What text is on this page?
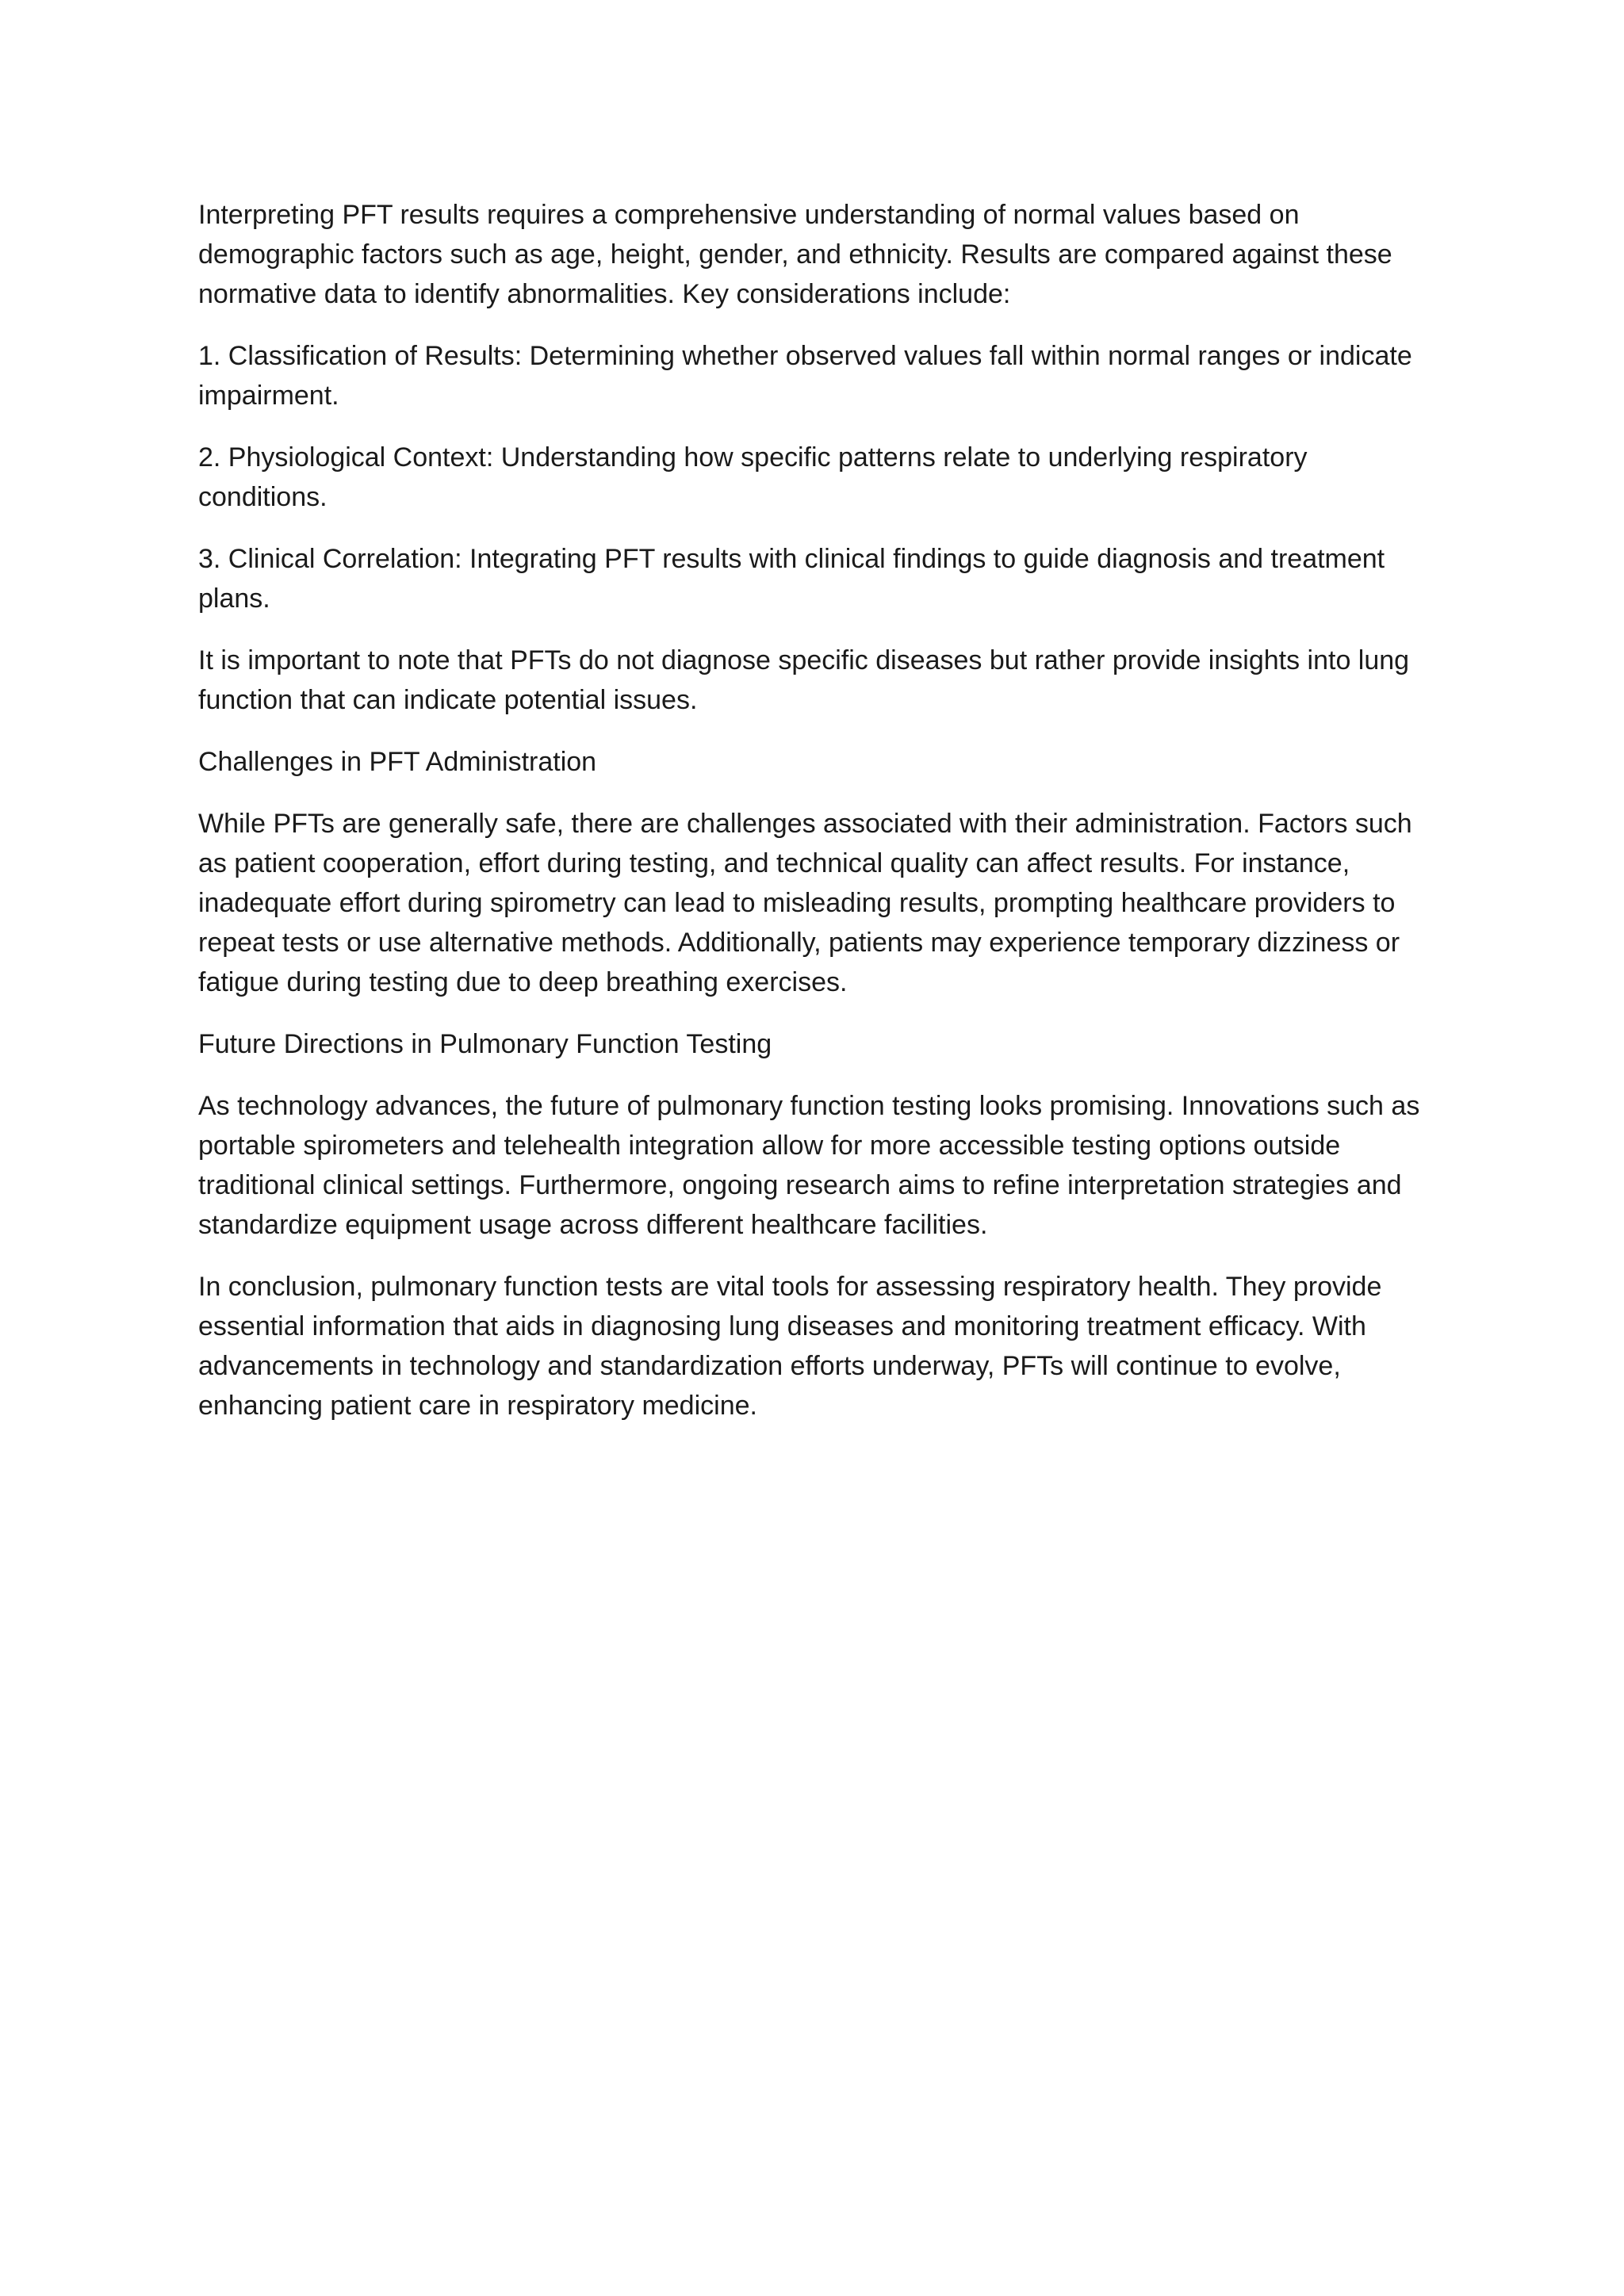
Interpreting PFT results requires a comprehensive understanding of normal values based on demographic factors such as age, height, gender, and ethnicity. Results are compared against these normative data to identify abnormalities. Key considerations include:

1. Classification of Results: Determining whether observed values fall within normal ranges or indicate impairment.

2. Physiological Context: Understanding how specific patterns relate to underlying respiratory conditions.

3. Clinical Correlation: Integrating PFT results with clinical findings to guide diagnosis and treatment plans.

It is important to note that PFTs do not diagnose specific diseases but rather provide insights into lung function that can indicate potential issues.

Challenges in PFT Administration

While PFTs are generally safe, there are challenges associated with their administration. Factors such as patient cooperation, effort during testing, and technical quality can affect results. For instance, inadequate effort during spirometry can lead to misleading results, prompting healthcare providers to repeat tests or use alternative methods. Additionally, patients may experience temporary dizziness or fatigue during testing due to deep breathing exercises.

Future Directions in Pulmonary Function Testing

As technology advances, the future of pulmonary function testing looks promising. Innovations such as portable spirometers and telehealth integration allow for more accessible testing options outside traditional clinical settings. Furthermore, ongoing research aims to refine interpretation strategies and standardize equipment usage across different healthcare facilities.

In conclusion, pulmonary function tests are vital tools for assessing respiratory health. They provide essential information that aids in diagnosing lung diseases and monitoring treatment efficacy. With advancements in technology and standardization efforts underway, PFTs will continue to evolve, enhancing patient care in respiratory medicine.
